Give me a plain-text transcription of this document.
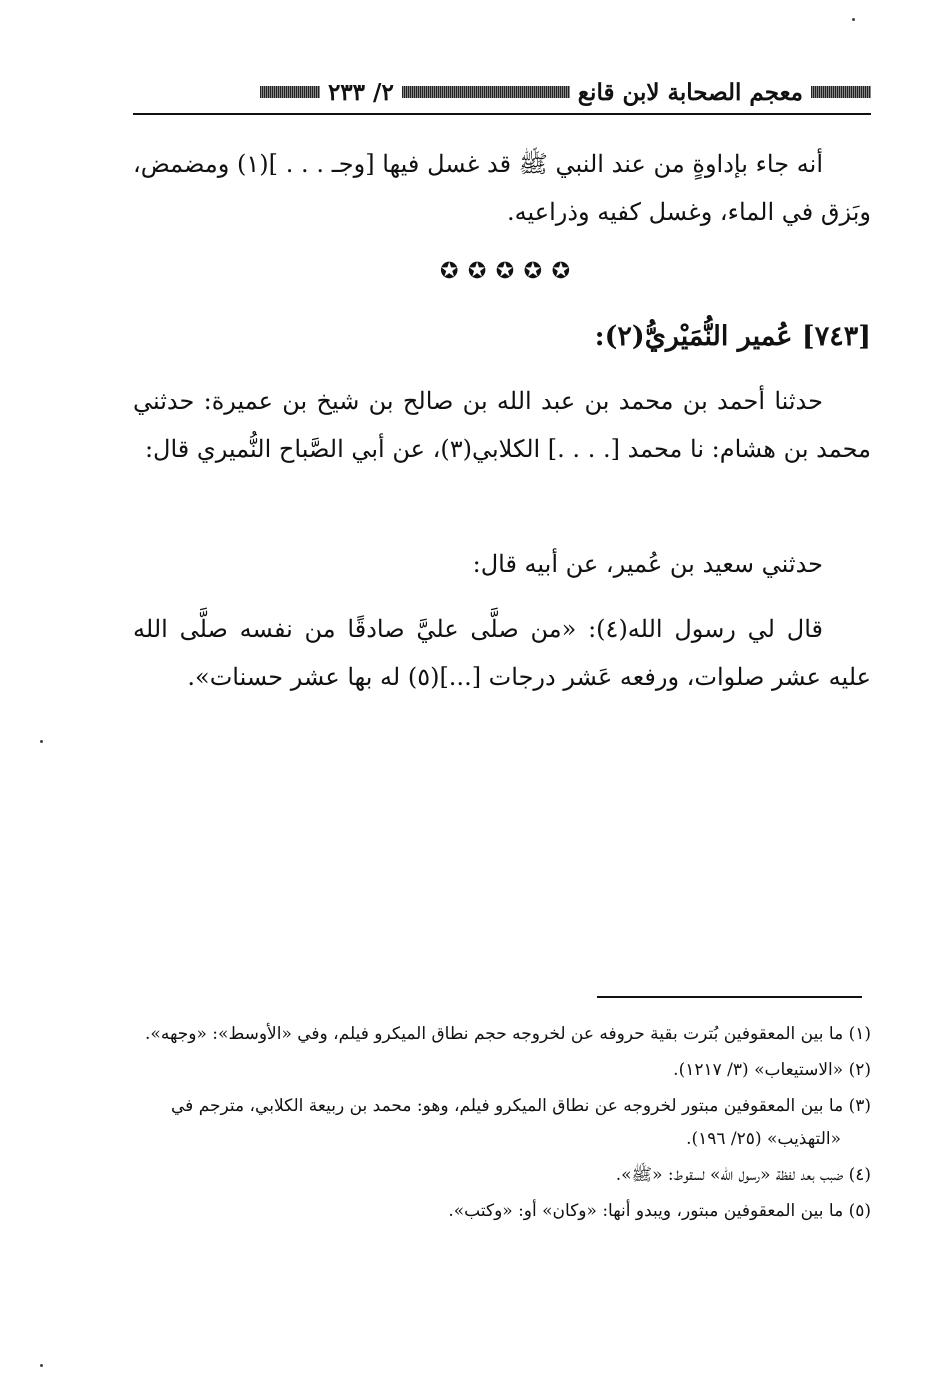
معجم الصحابة لابن قانع
٢/ ٢٣٣

أنه جاء بإداوةٍ من عند النبي ﷺ قد غسل فيها [وجـ . . . ](١) ومضمض، وبَزق في الماء، وغسل كفيه وذراعيه.

✪ ✪ ✪ ✪ ✪
[٧٤٣] عُمير النُّمَيْريُّ(٢):

حدثنا أحمد بن محمد بن عبد الله بن صالح بن شيخ بن عميرة: حدثني محمد بن هشام: نا محمد [. . . .] الكلابي(٣)، عن أبي الصَّباح النُّميري قال:

حدثني سعيد بن عُمير، عن أبيه قال:

قال لي رسول الله(٤): «من صلَّى عليَّ صادقًا من نفسه صلَّى الله عليه عشر صلوات، ورفعه عَشر درجات [...](٥) له بها عشر حسنات».

(١) ما بين المعقوفين بُترت بقية حروفه عن لخروجه حجم نطاق الميكرو فيلم، وفي «الأوسط»: «وجهه».
(٢) «الاستيعاب» (٣/ ١٢١٧).
(٣) ما بين المعقوفين مبتور لخروجه عن نطاق الميكرو فيلم، وهو: محمد بن ربيعة الكلابي، مترجم في «التهذيب» (٢٥/ ١٩٦).
(٤) ضبب بعد لفظة «رسول الله» لسقوط: «ﷺ».
(٥) ما بين المعقوفين مبتور، ويبدو أنها: «وكان» أو: «وكتب».
